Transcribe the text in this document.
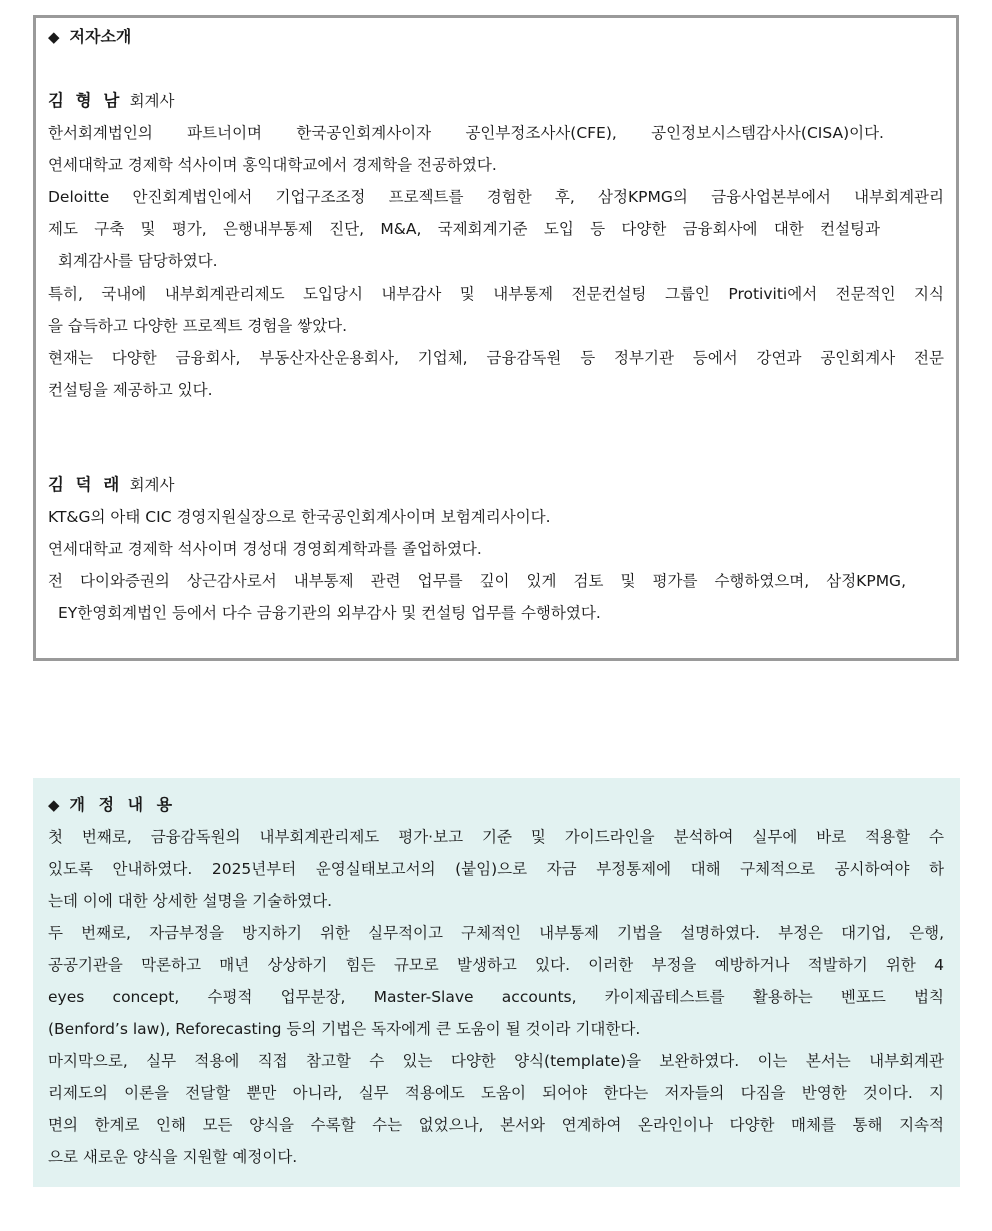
◆ 저자소개
김 형 남 회계사
한서회계법인의 파트너이며 한국공인회계사이자 공인부정조사사(CFE), 공인정보시스템감사사(CISA)이다.
연세대학교 경제학 석사이며 홍익대학교에서 경제학을 전공하였다.
Deloitte 안진회계법인에서 기업구조조정 프로젝트를 경험한 후, 삼정KPMG의 금융사업본부에서 내부회계관리
제도 구축 및 평가, 은행내부통제 진단, M&A, 국제회계기준 도입 등 다양한 금융회사에 대한 컨설팅과
회계감사를 담당하였다.
특히, 국내에 내부회계관리제도 도입당시 내부감사 및 내부통제 전문컨설팅 그룹인 Protiviti에서 전문적인 지식
을 습득하고 다양한 프로젝트 경험을 쌓았다.
현재는 다양한 금융회사, 부동산자산운용회사, 기업체, 금융감독원 등 정부기관 등에서 강연과 공인회계사 전문
컨설팅을 제공하고 있다.
김 덕 래 회계사
KT&G의 아태 CIC 경영지원실장으로 한국공인회계사이며 보험계리사이다.
연세대학교 경제학 석사이며 경성대 경영회계학과를 졸업하였다.
전 다이와증권의 상근감사로서 내부통제 관련 업무를 깊이 있게 검토 및 평가를 수행하였으며, 삼정KPMG,
EY한영회계법인 등에서 다수 금융기관의 외부감사 및 컨설팅 업무를 수행하였다.
◆ 개 정 내 용
첫 번째로, 금융감독원의 내부회계관리제도 평가·보고 기준 및 가이드라인을 분석하여 실무에 바로 적용할 수
있도록 안내하였다. 2025년부터 운영실태보고서의 (붙임)으로 자금 부정통제에 대해 구체적으로 공시하여야 하
는데 이에 대한 상세한 설명을 기술하였다.
두 번째로, 자금부정을 방지하기 위한 실무적이고 구체적인 내부통제 기법을 설명하였다. 부정은 대기업, 은행,
공공기관을 막론하고 매년 상상하기 힘든 규모로 발생하고 있다. 이러한 부정을 예방하거나 적발하기 위한 4
eyes concept, 수평적 업무분장, Master-Slave accounts, 카이제곱테스트를 활용하는 벤포드 법칙
(Benford’s law), Reforecasting 등의 기법은 독자에게 큰 도움이 될 것이라 기대한다.
마지막으로, 실무 적용에 직접 참고할 수 있는 다양한 양식(template)을 보완하였다. 이는 본서는 내부회계관
리제도의 이론을 전달할 뿐만 아니라, 실무 적용에도 도움이 되어야 한다는 저자들의 다짐을 반영한 것이다. 지
면의 한계로 인해 모든 양식을 수록할 수는 없었으나, 본서와 연계하여 온라인이나 다양한 매체를 통해 지속적
으로 새로운 양식을 지원할 예정이다.
